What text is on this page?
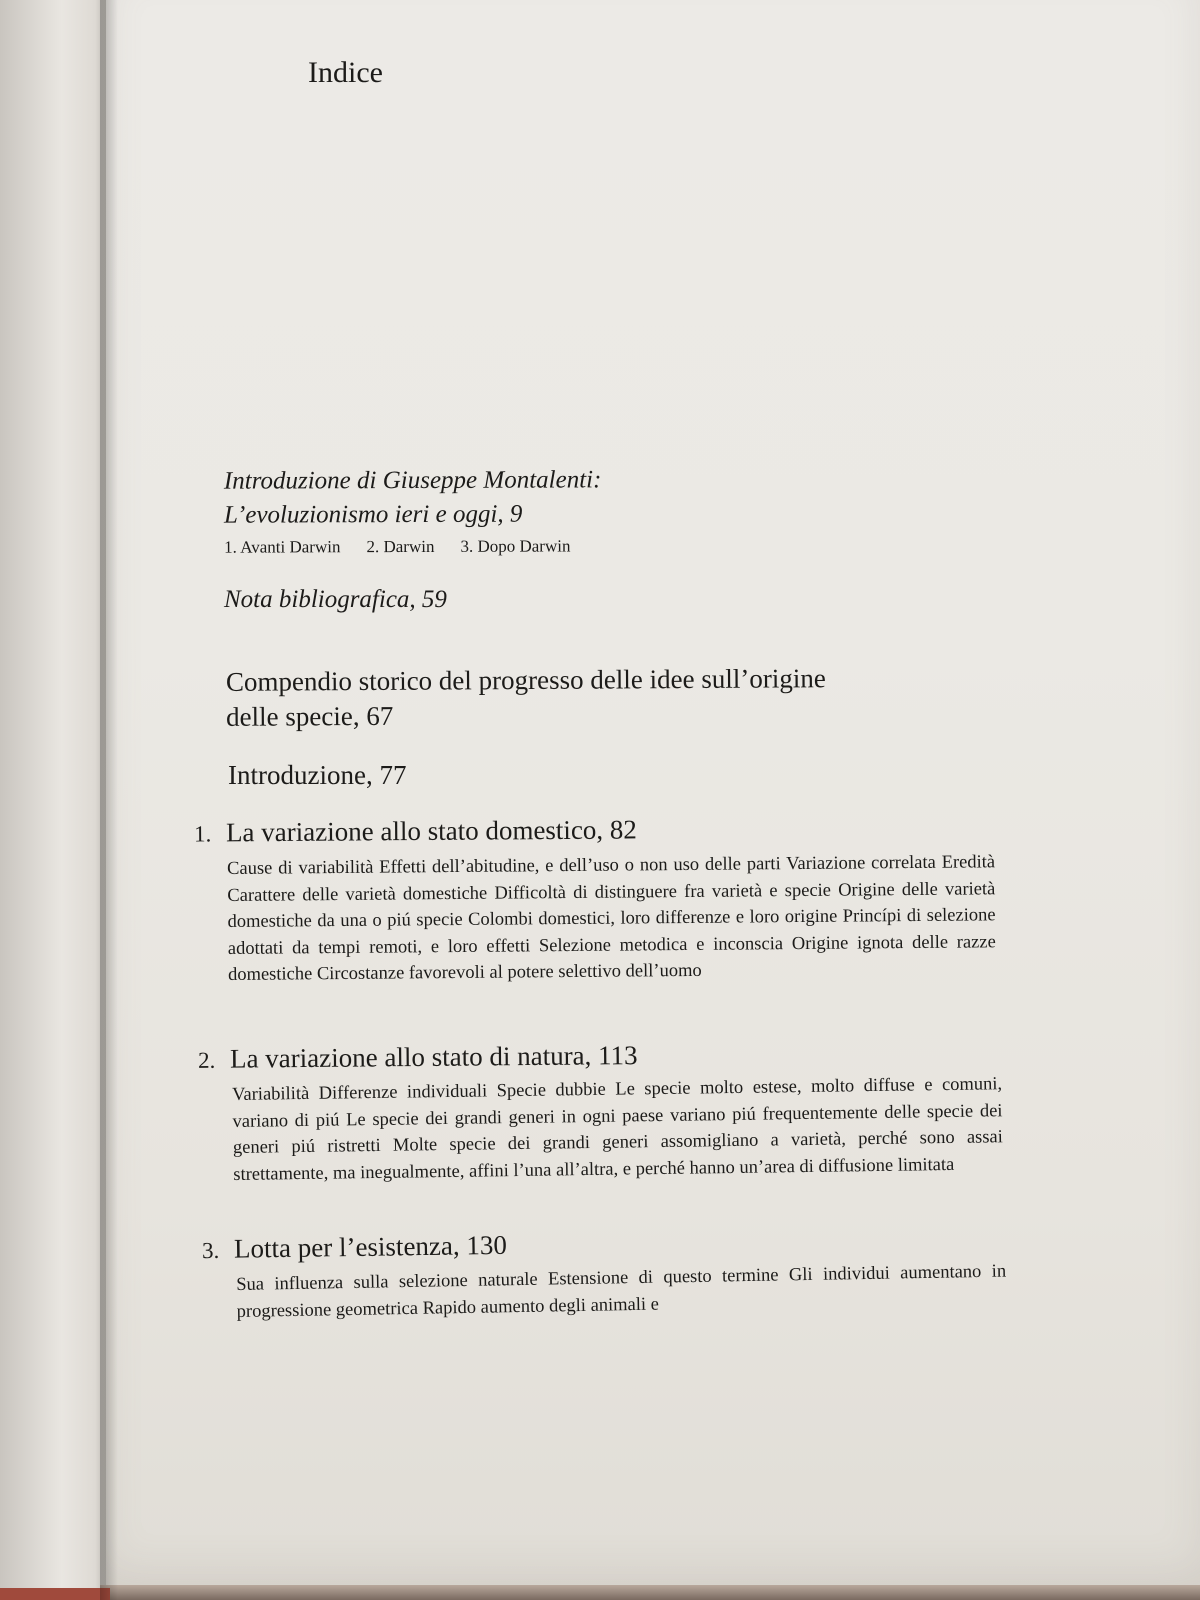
Indice

Introduzione di Giuseppe Montalenti:

L’evoluzionismo ieri e oggi, 9

1. Avanti Darwin 2. Darwin 3. Dopo Darwin

Nota bibliografica, 59

Compendio storico del progresso delle idee sull’origine

delle specie, 67

Introduzione, 77

1. La variazione allo stato domestico, 82

Cause di variabilità Effetti dell’abitudine, e dell’uso o non uso delle parti Variazione correlata Eredità Carattere delle varietà domestiche Difficoltà di distinguere fra varietà e specie Origine delle varietà domestiche da una o piú specie Colombi domestici, loro differenze e loro origine Princípi di selezione adottati da tempi remoti, e loro effetti Selezione metodica e inconscia Origine ignota delle razze domestiche Circostanze favorevoli al potere selettivo dell’uomo

2. La variazione allo stato di natura, 113

Variabilità Differenze individuali Specie dubbie Le specie molto estese, molto diffuse e comuni, variano di piú Le specie dei grandi generi in ogni paese variano piú frequentemente delle specie dei generi piú ristretti Molte specie dei grandi generi assomigliano a varietà, perché sono assai strettamente, ma inegualmente, affini l’una all’altra, e perché hanno un’area di diffusione limitata

3. Lotta per l’esistenza, 130

Sua influenza sulla selezione naturale Estensione di questo termine Gli individui aumentano in progressione geometrica Rapido aumento degli animali e
